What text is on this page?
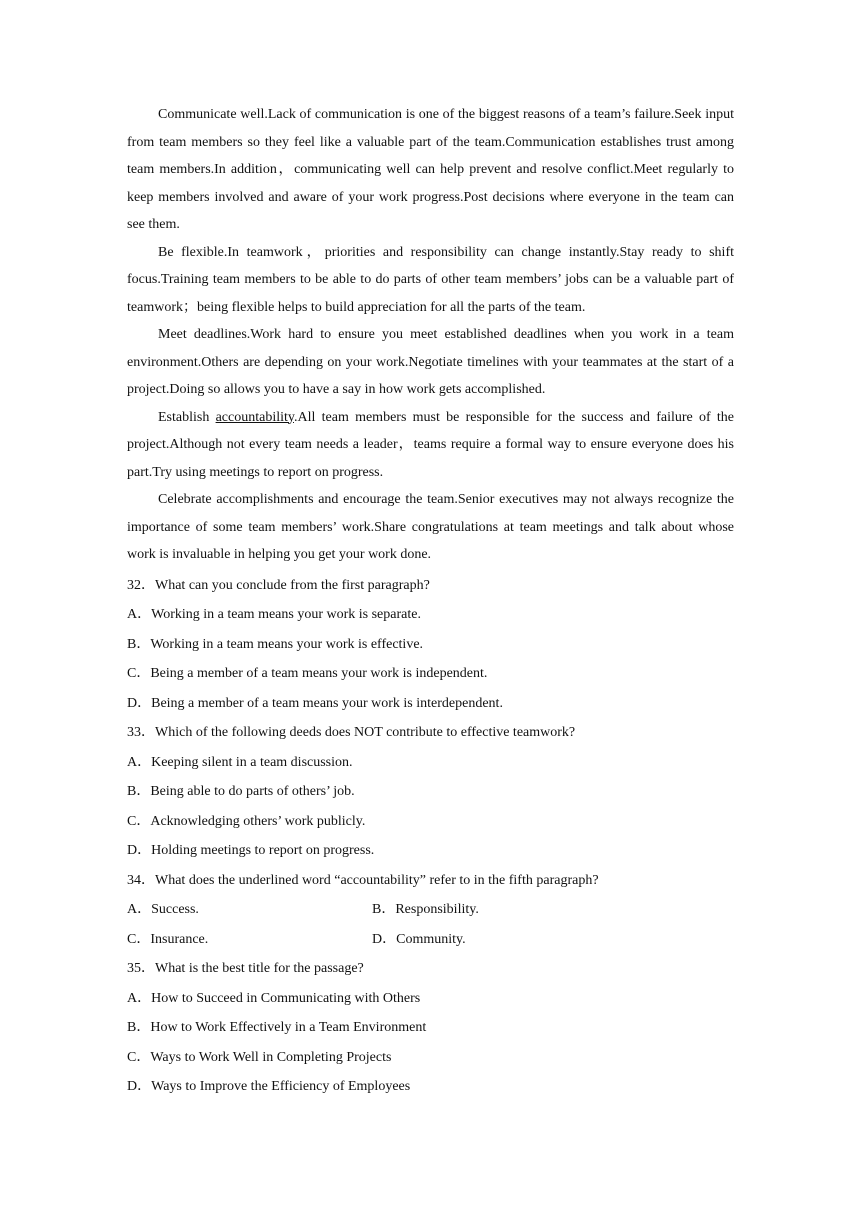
Communicate well.Lack of communication is one of the biggest reasons of a team’s failure.Seek input from team members so they feel like a valuable part of the team.Communication establishes trust among team members.In addition，communicating well can help prevent and resolve conflict.Meet regularly to keep members involved and aware of your work progress.Post decisions where everyone in the team can see them.

Be flexible.In teamwork，priorities and responsibility can change instantly.Stay ready to shift focus.Training team members to be able to do parts of other team members’ jobs can be a valuable part of teamwork；being flexible helps to build appreciation for all the parts of the team.

Meet deadlines.Work hard to ensure you meet established deadlines when you work in a team environment.Others are depending on your work.Negotiate timelines with your teammates at the start of a project.Doing so allows you to have a say in how work gets accomplished.

Establish accountability.All team members must be responsible for the success and failure of the project.Although not every team needs a leader，teams require a formal way to ensure everyone does his part.Try using meetings to report on progress.

Celebrate accomplishments and encourage the team.Senior executives may not always recognize the importance of some team members’ work.Share congratulations at team meetings and talk about whose work is invaluable in helping you get your work done.

32．What can you conclude from the first paragraph?

A．Working in a team means your work is separate.

B．Working in a team means your work is effective.

C．Being a member of a team means your work is independent.

D．Being a member of a team means your work is interdependent.

33．Which of the following deeds does NOT contribute to effective teamwork?

A．Keeping silent in a team discussion.

B．Being able to do parts of others’ job.

C．Acknowledging others’ work publicly.

D．Holding meetings to report on progress.

34．What does the underlined word “accountability” refer to in the fifth paragraph?

A．Success.	B．Responsibility.

C．Insurance.	D．Community.

35．What is the best title for the passage?

A．How to Succeed in Communicating with Others

B．How to Work Effectively in a Team Environment

C．Ways to Work Well in Completing Projects

D．Ways to Improve the Efficiency of Employees
